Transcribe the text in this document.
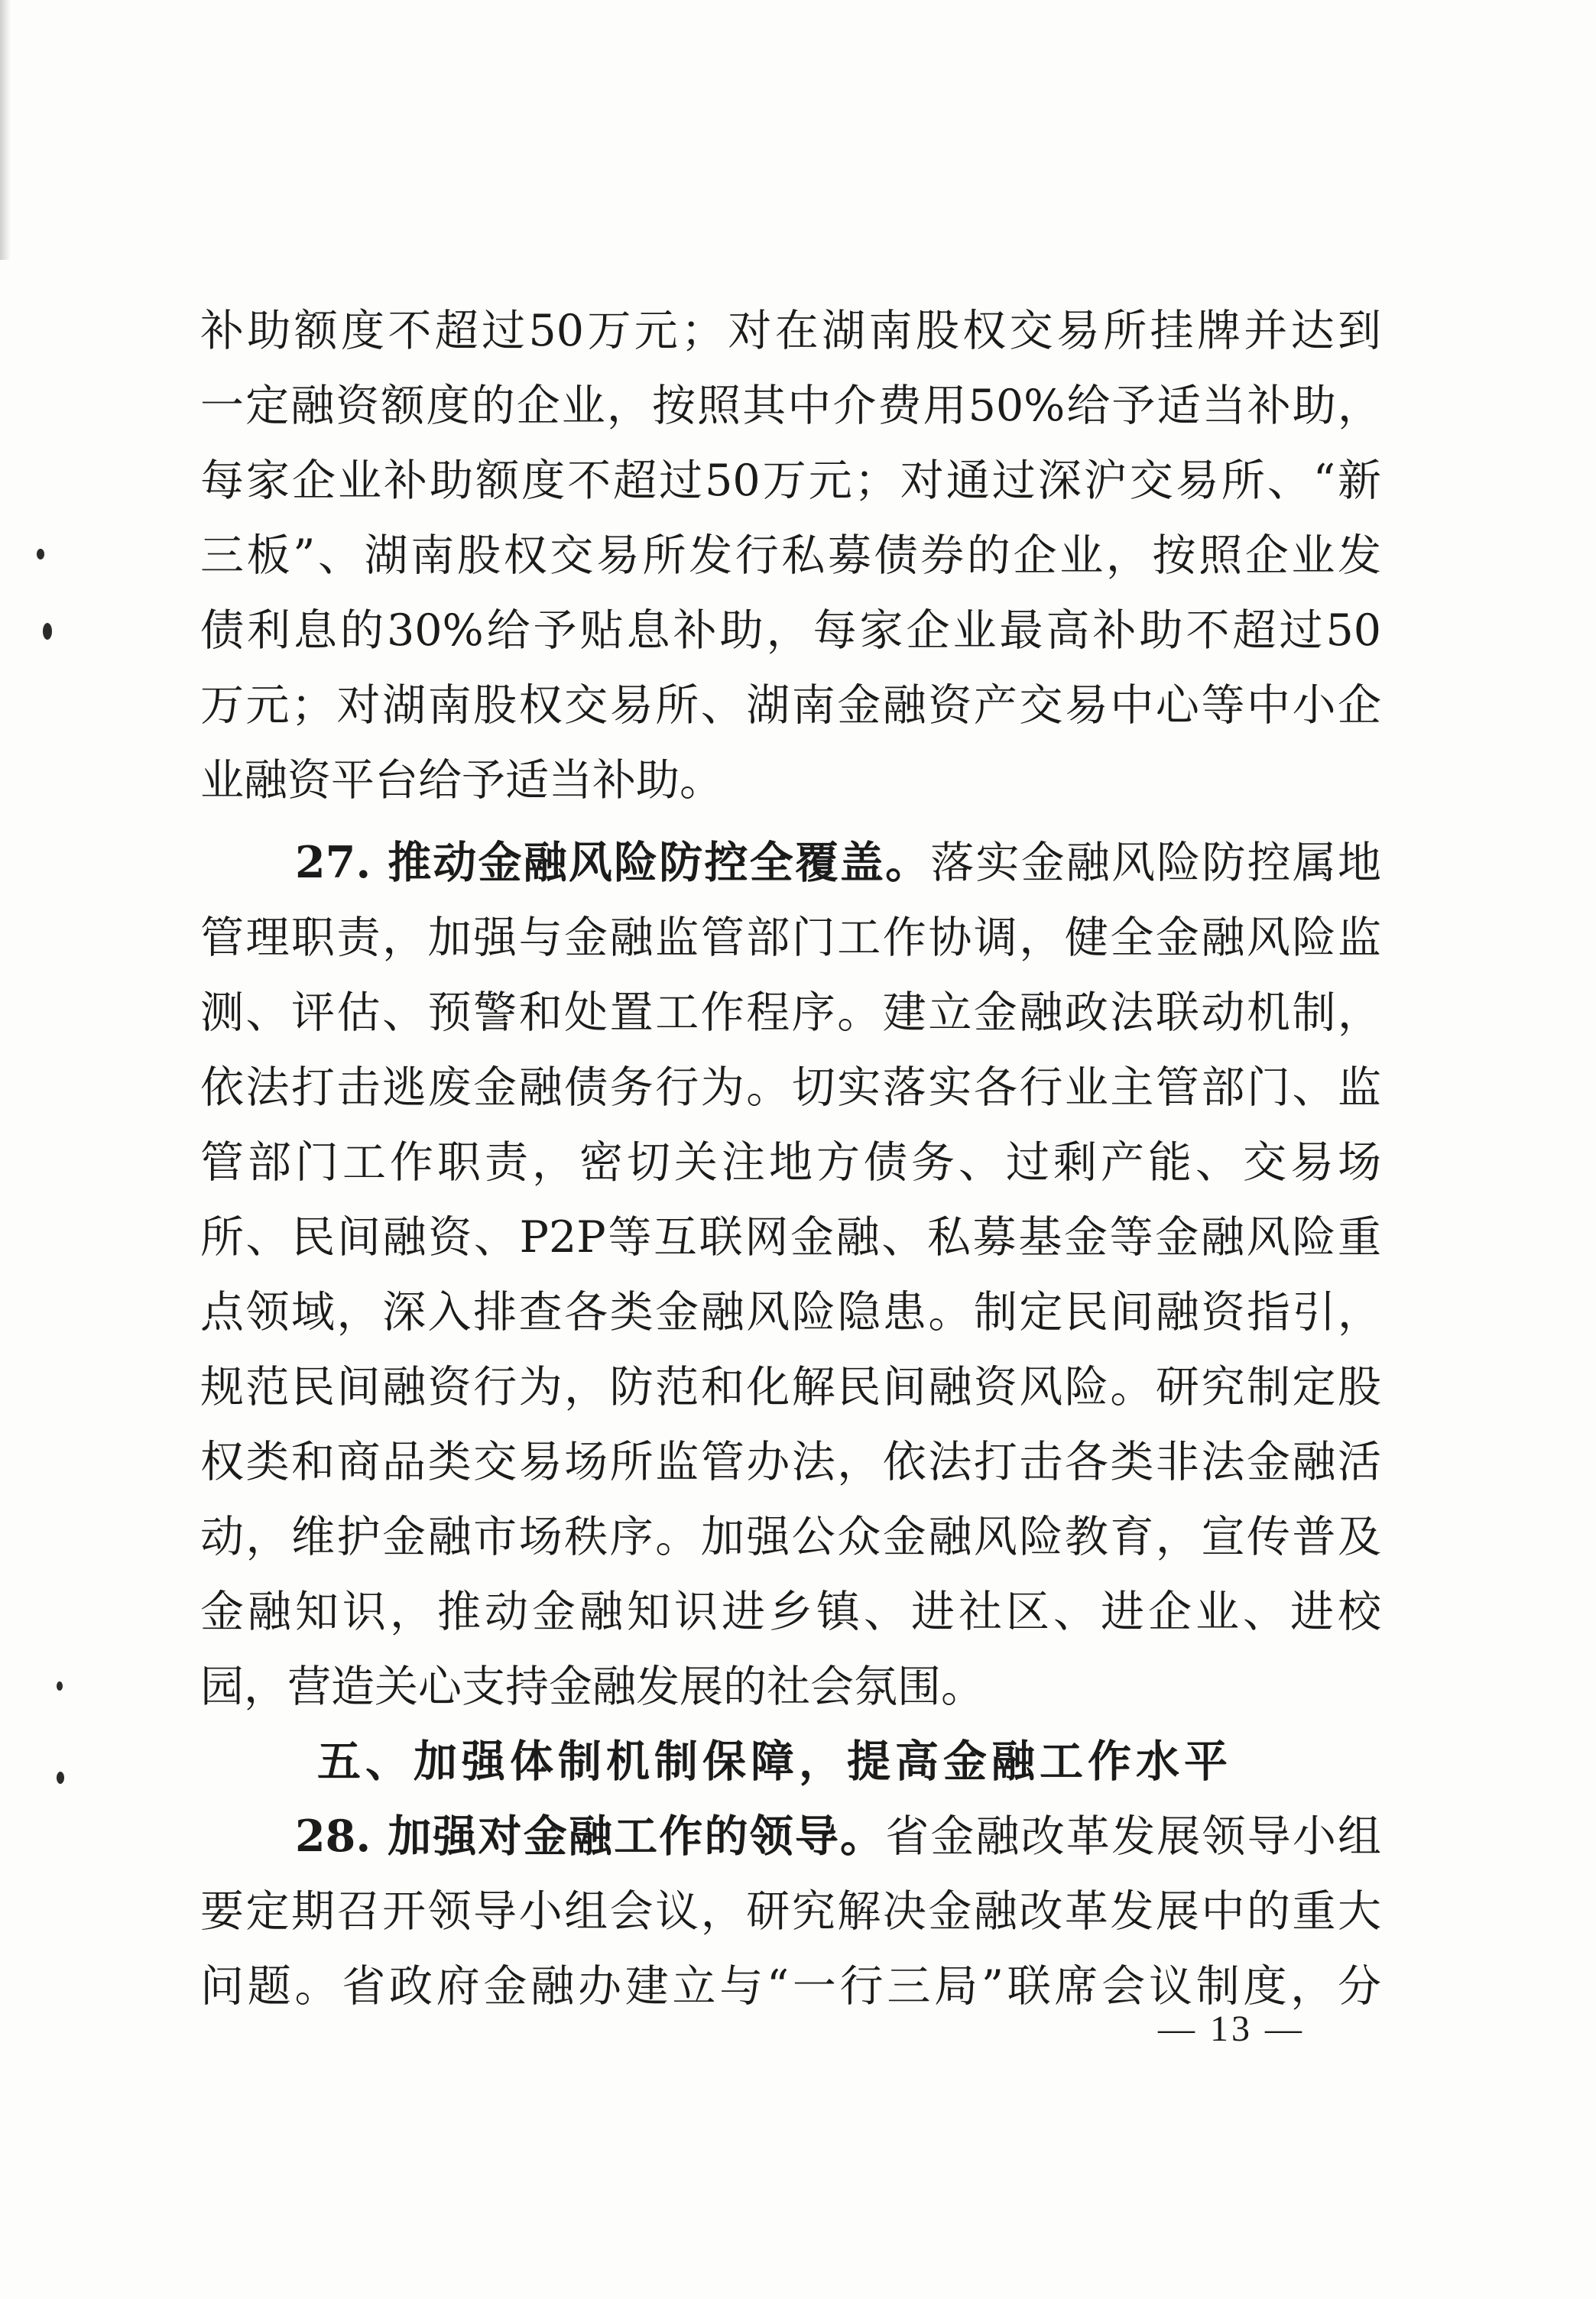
补助额度不超过50万元；对在湖南股权交易所挂牌并达到
一定融资额度的企业，按照其中介费用50%给予适当补助，
每家企业补助额度不超过50万元；对通过深沪交易所、“新
三板”、湖南股权交易所发行私募债券的企业，按照企业发
债利息的30%给予贴息补助，每家企业最高补助不超过50
万元；对湖南股权交易所、湖南金融资产交易中心等中小企
业融资平台给予适当补助。
27. 推动金融风险防控全覆盖。落实金融风险防控属地
管理职责，加强与金融监管部门工作协调，健全金融风险监
测、评估、预警和处置工作程序。建立金融政法联动机制，
依法打击逃废金融债务行为。切实落实各行业主管部门、监
管部门工作职责，密切关注地方债务、过剩产能、交易场
所、民间融资、P2P等互联网金融、私募基金等金融风险重
点领域，深入排查各类金融风险隐患。制定民间融资指引，
规范民间融资行为，防范和化解民间融资风险。研究制定股
权类和商品类交易场所监管办法，依法打击各类非法金融活
动，维护金融市场秩序。加强公众金融风险教育，宣传普及
金融知识，推动金融知识进乡镇、进社区、进企业、进校
园，营造关心支持金融发展的社会氛围。
五、加强体制机制保障，提高金融工作水平
28. 加强对金融工作的领导。省金融改革发展领导小组
要定期召开领导小组会议，研究解决金融改革发展中的重大
问题。省政府金融办建立与“一行三局”联席会议制度，分
— 13 —
